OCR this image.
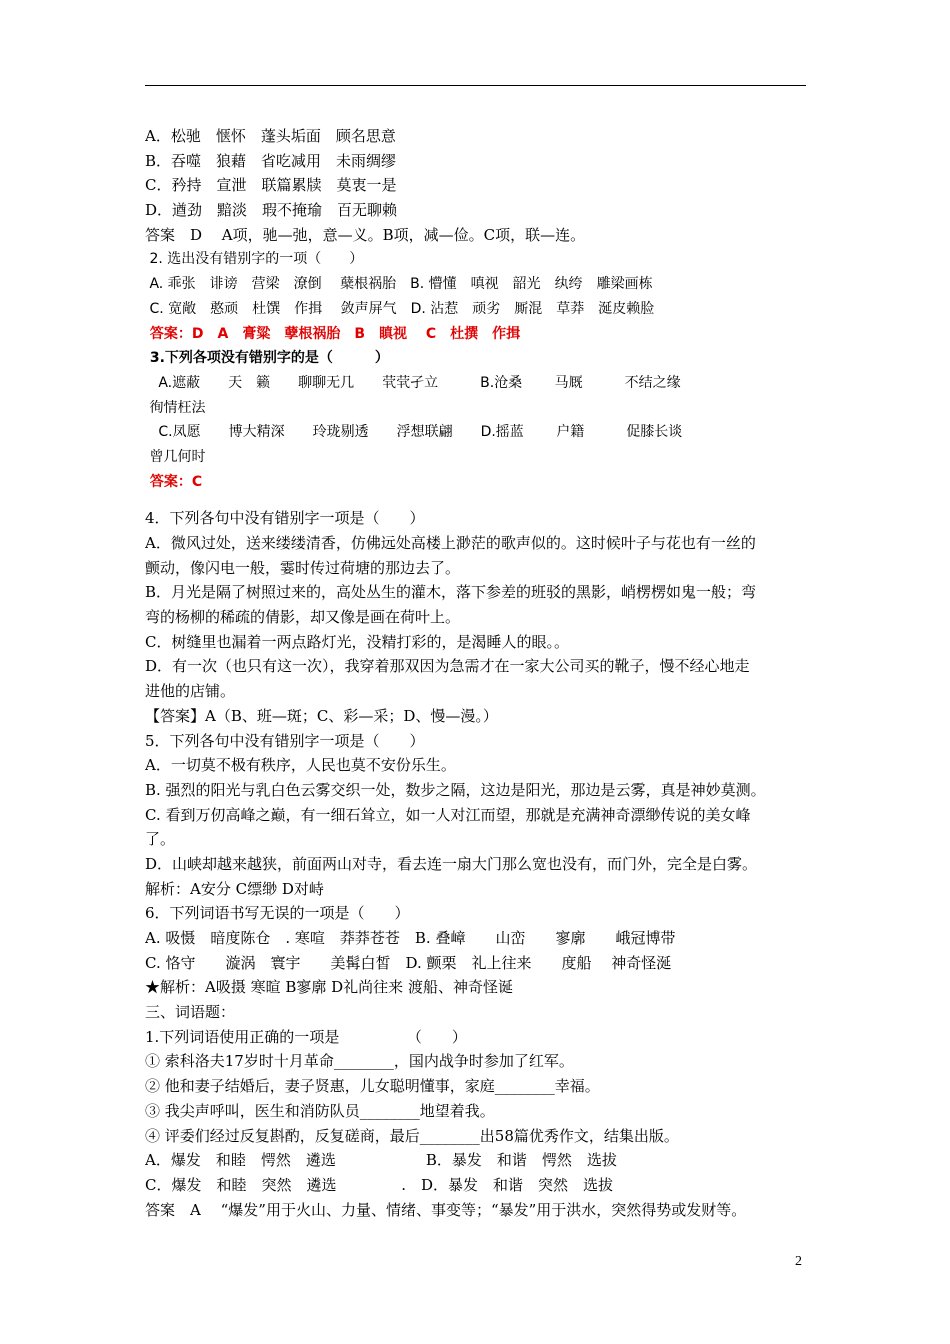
A．松驰　惬怀　蓬头垢面　顾名思意
B．吞噬　狼藉　省吃减用　未雨绸缪
C．矜持　宣泄　联篇累牍　莫衷一是
D．遒劲　黯淡　瑕不掩瑜　百无聊赖
答案　D　 A项，驰—弛，意—义。B项，减—俭。C项，联—连。
2. 选出没有错别字的一项（　　）
A. 乖张　诽谤　营梁　潦倒　 蘖根祸胎　B. 懵懂　嗔视　韶光　纨绔　雕梁画栋
C. 宽敞　憨顽　杜馔　作揖　 敛声屏气　D. 沾惹　顽劣　厮混　草莽　涎皮赖脸
答案：D　A　膏粱　孽根祸胎　B　瞋视　 C　杜撰　作揖
3.下列各项没有错别字的是（　　　）
A.遮蔽　　天　籁　　聊聊无几　　茕茕孑立　　　B.沧桑　　 马厩　　　不结之缘
徇情枉法
C.凤愿　　博大精深　　玲珑剔透　　浮想联翩　　D.摇蓝　　 户籍　　　促膝长谈
曾几何时
答案：C
4．下列各句中没有错别字一项是（　　）
A．微风过处，送来缕缕清香，仿佛远处高楼上渺茫的歌声似的。这时候叶子与花也有一丝的
颤动，像闪电一般，霎时传过荷塘的那边去了。
B．月光是隔了树照过来的，高处丛生的灌木，落下参差的班驳的黑影，峭楞楞如鬼一般；弯
弯的杨柳的稀疏的倩影，却又像是画在荷叶上。
C．树缝里也漏着一两点路灯光，没精打彩的，是渴睡人的眼。。
D．有一次（也只有这一次），我穿着那双因为急需才在一家大公司买的靴子，慢不经心地走
进他的店铺。
【答案】A（B、班—斑；C、彩—采；D、慢—漫。）
5．下列各句中没有错别字一项是（　　）
A．一切莫不极有秩序，人民也莫不安份乐生。
B. 强烈的阳光与乳白色云雾交织一处，数步之隔，这边是阳光，那边是云雾，真是神妙莫测。
C. 看到万仞高峰之巅，有一细石耸立，如一人对江而望，那就是充满神奇漂缈传说的美女峰
了。
D．山峡却越来越狭，前面两山对寺，看去连一扇大门那么宽也没有，而门外，完全是白雾。
解析：A安分 C缥缈 D对峙
6．下列词语书写无误的一项是（　　）
A. 吸慑　暗度陈仓　. 寒喧　莽莽苍苍　B. 叠嶂　　山峦　　寥廓　　峨冠博带
C. 恪守　　漩涡　寰宇　　美髯白皙　D. 颤栗　礼上往来　　度船　 神奇怪涎
★解析：A吸摄 寒暄 B寥廓 D礼尚往来 渡船、神奇怪诞
三、词语题：
1.下列词语使用正确的一项是　　　　　（　　）
① 索科洛夫17岁时十月革命________，国内战争时参加了红军。
② 他和妻子结婚后，妻子贤惠，儿女聪明懂事，家庭________幸福。
③ 我尖声呼叫，医生和消防队员________地望着我。
④ 评委们经过反复斟酌，反复磋商，最后________出58篇优秀作文，结集出版。
A．爆发　和睦　愕然　遴选　　　　　　B．暴发　和谐　愕然　选拔
C．爆发　和睦　突然　遴选　　　　 .　D．暴发　和谐　突然　选拔
答案　A　 “爆发”用于火山、力量、情绪、事变等；“暴发”用于洪水，突然得势或发财等。
2
